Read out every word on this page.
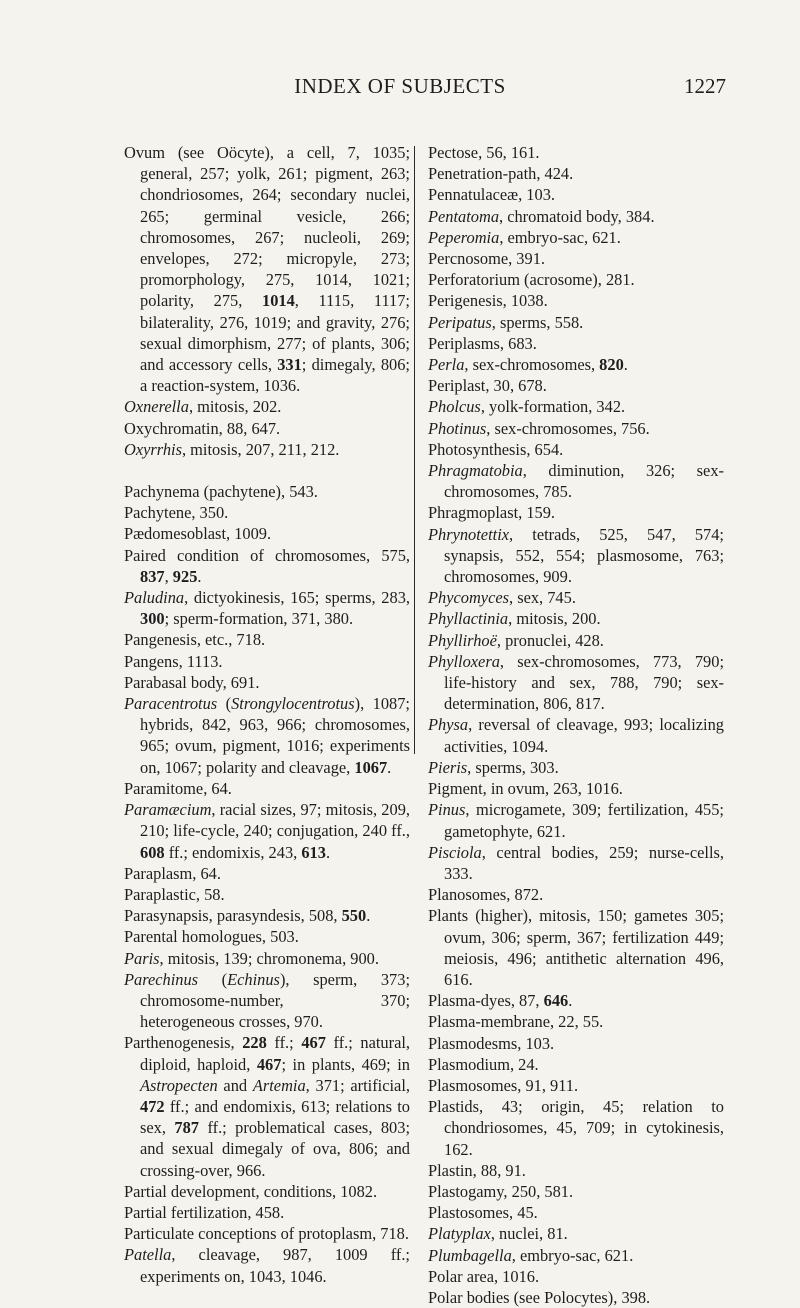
INDEX OF SUBJECTS	1227

Ovum (see Oöcyte), a cell, 7, 1035; general, 257; yolk, 261; pigment, 263; chondriosomes, 264; secondary nuclei, 265; germinal vesicle, 266; chromosomes, 267; nucleoli, 269; envelopes, 272; micropyle, 273; promorphology, 275, 1014, 1021; polarity, 275, 1014, 1115, 1117; bilaterality, 276, 1019; and gravity, 276; sexual dimorphism, 277; of plants, 306; and accessory cells, 331; dimegaly, 806; a reaction-system, 1036.

Oxnerella, mitosis, 202.

Oxychromatin, 88, 647.

Oxyrrhis, mitosis, 207, 211, 212.

Pachynema (pachytene), 543.

Pachytene, 350.

Pædomesoblast, 1009.

Paired condition of chromosomes, 575, 837, 925.

Paludina, dictyokinesis, 165; sperms, 283, 300; sperm-formation, 371, 380.

Pangenesis, etc., 718.

Pangens, 1113.

Parabasal body, 691.

Paracentrotus (Strongylocentrotus), 1087; hybrids, 842, 963, 966; chromosomes, 965; ovum, pigment, 1016; experiments on, 1067; polarity and cleavage, 1067.

Paramitome, 64.

Paramæcium, racial sizes, 97; mitosis, 209, 210; life-cycle, 240; conjugation, 240 ff., 608 ff.; endomixis, 243, 613.

Paraplasm, 64.

Paraplastic, 58.

Parasynapsis, parasyndesis, 508, 550.

Parental homologues, 503.

Paris, mitosis, 139; chromonema, 900.

Parechinus (Echinus), sperm, 373; chromosome-number, 370; heterogeneous crosses, 970.

Parthenogenesis, 228 ff.; 467 ff.; natural, diploid, haploid, 467; in plants, 469; in Astropecten and Artemia, 371; artificial, 472 ff.; and endomixis, 613; relations to sex, 787 ff.; problematical cases, 803; and sexual dimegaly of ova, 806; and crossing-over, 966.

Partial development, conditions, 1082.

Partial fertilization, 458.

Particulate conceptions of protoplasm, 718.

Patella, cleavage, 987, 1009 ff.; experiments on, 1043, 1046.

Pectose, 56, 161.

Penetration-path, 424.

Pennatulaceæ, 103.

Pentatoma, chromatoid body, 384.

Peperomia, embryo-sac, 621.

Percnosome, 391.

Perforatorium (acrosome), 281.

Perigenesis, 1038.

Peripatus, sperms, 558.

Periplasms, 683.

Perla, sex-chromosomes, 820.

Periplast, 30, 678.

Pholcus, yolk-formation, 342.

Photinus, sex-chromosomes, 756.

Photosynthesis, 654.

Phragmatobia, diminution, 326; sex-chromosomes, 785.

Phragmoplast, 159.

Phrynotettix, tetrads, 525, 547, 574; synapsis, 552, 554; plasmosome, 763; chromosomes, 909.

Phycomyces, sex, 745.

Phyllactinia, mitosis, 200.

Phyllirhoë, pronuclei, 428.

Phylloxera, sex-chromosomes, 773, 790; life-history and sex, 788, 790; sex-determination, 806, 817.

Physa, reversal of cleavage, 993; localizing activities, 1094.

Pieris, sperms, 303.

Pigment, in ovum, 263, 1016.

Pinus, microgamete, 309; fertilization, 455; gametophyte, 621.

Pisciola, central bodies, 259; nurse-cells, 333.

Planosomes, 872.

Plants (higher), mitosis, 150; gametes 305; ovum, 306; sperm, 367; fertilization 449; meiosis, 496; antithetic alternation 496, 616.

Plasma-dyes, 87, 646.

Plasma-membrane, 22, 55.

Plasmodesms, 103.

Plasmodium, 24.

Plasmosomes, 91, 911.

Plastids, 43; origin, 45; relation to chondriosomes, 45, 709; in cytokinesis, 162.

Plastin, 88, 91.

Plastogamy, 250, 581.

Plastosomes, 45.

Platyplax, nuclei, 81.

Plumbagella, embryo-sac, 621.

Polar area, 1016.

Polar bodies (see Polocytes), 398.
